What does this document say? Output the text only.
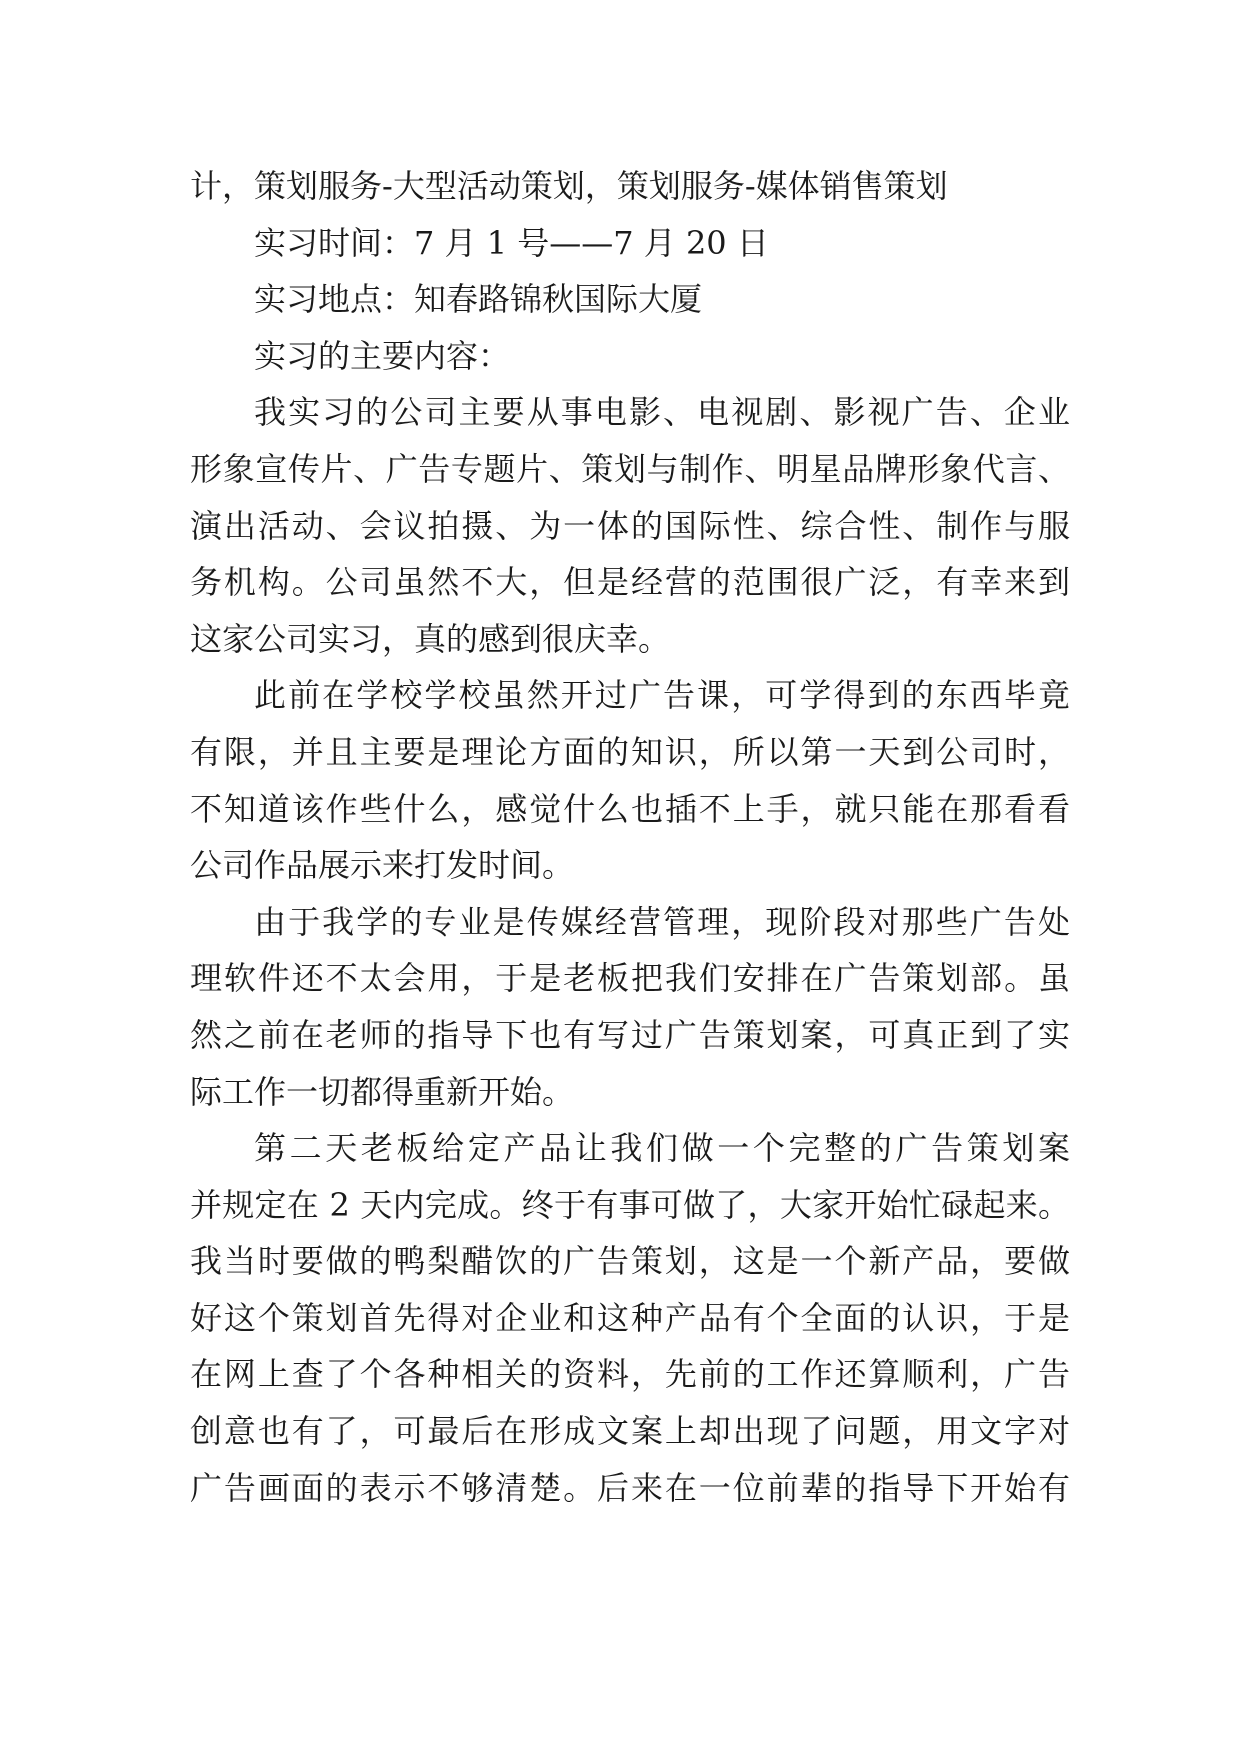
计，策划服务-大型活动策划，策划服务-媒体销售策划
实习时间：7 月 1 号——7 月 20 日
实习地点：知春路锦秋国际大厦
实习的主要内容：
我实习的公司主要从事电影、电视剧、影视广告、企业
形象宣传片、广告专题片、策划与制作、明星品牌形象代言、
演出活动、会议拍摄、为一体的国际性、综合性、制作与服
务机构。公司虽然不大，但是经营的范围很广泛，有幸来到
这家公司实习，真的感到很庆幸。
此前在学校学校虽然开过广告课，可学得到的东西毕竟
有限，并且主要是理论方面的知识，所以第一天到公司时，
不知道该作些什么，感觉什么也插不上手，就只能在那看看
公司作品展示来打发时间。
由于我学的专业是传媒经营管理，现阶段对那些广告处
理软件还不太会用，于是老板把我们安排在广告策划部。虽
然之前在老师的指导下也有写过广告策划案，可真正到了实
际工作一切都得重新开始。
第二天老板给定产品让我们做一个完整的广告策划案
并规定在 2 天内完成。终于有事可做了，大家开始忙碌起来。
我当时要做的鸭梨醋饮的广告策划，这是一个新产品，要做
好这个策划首先得对企业和这种产品有个全面的认识，于是
在网上查了个各种相关的资料，先前的工作还算顺利，广告
创意也有了，可最后在形成文案上却出现了问题，用文字对
广告画面的表示不够清楚。后来在一位前辈的指导下开始有
